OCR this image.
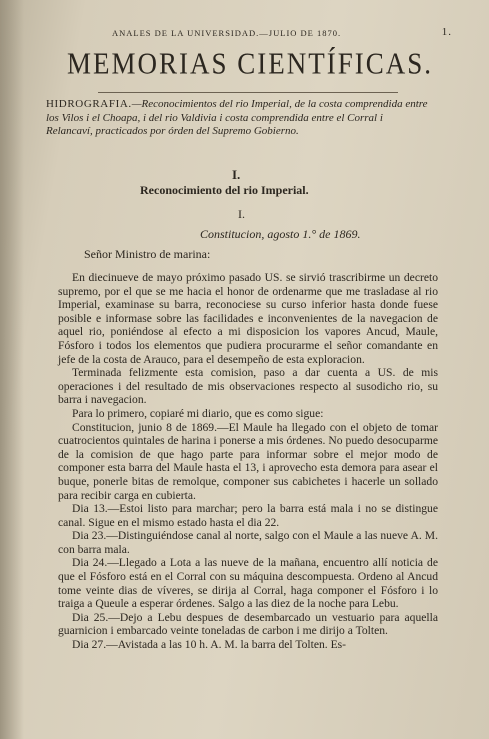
ANALES DE LA UNIVERSIDAD.—JULIO DE 1870.	1.
MEMORIAS CIENTÍFICAS.
HIDROGRAFIA.—Reconocimientos del rio Imperial, de la costa comprendida entre los Vilos i el Choapa, i del rio Valdivia i costa comprendida entre el Corral i Relancaví, practicados por órden del Supremo Gobierno.
I.
Reconocimiento del rio Imperial.
I.
Constitucion, agosto 1.° de 1869.
Señor Ministro de marina:

En diecinueve de mayo próximo pasado US. se sirvió trascribirme un decreto supremo, por el que se me hacia el honor de ordenarme que me trasladase al rio Imperial, examinase su barra, reconociese su curso inferior hasta donde fuese posible e informase sobre las facilidades e inconvenientes de la navegacion de aquel rio, poniéndose al efecto a mi disposicion los vapores Ancud, Maule, Fósforo i todos los elementos que pudiera procurarme el señor comandante en jefe de la costa de Arauco, para el desempeño de esta exploracion.

Terminada felizmente esta comision, paso a dar cuenta a US. de mis operaciones i del resultado de mis observaciones respecto al susodicho rio, su barra i navegacion.

Para lo primero, copiaré mi diario, que es como sigue:

Constitucion, junio 8 de 1869.—El Maule ha llegado con el objeto de tomar cuatrocientos quintales de harina i ponerse a mis órdenes. No puedo desocuparme de la comision de que hago parte para informar sobre el mejor modo de componer esta barra del Maule hasta el 13, i aprovecho esta demora para asear el buque, ponerle bitas de remolque, componer sus cabichetes i hacerle un sollado para recibir carga en cubierta.

Dia 13.—Estoi listo para marchar; pero la barra está mala i no se distingue canal. Sigue en el mismo estado hasta el dia 22.

Dia 23.—Distinguiéndose canal al norte, salgo con el Maule a las nueve A. M. con barra mala.

Dia 24.—Llegado a Lota a las nueve de la mañana, encuentro allí noticia de que el Fósforo está en el Corral con su máquina descompuesta. Ordeno al Ancud tome veinte dias de víveres, se dirija al Corral, haga componer el Fósforo i lo traiga a Queule a esperar órdenes. Salgo a las diez de la noche para Lebu.

Dia 25.—Dejo a Lebu despues de desembarcado un vestuario para aquella guarnicion i embarcado veinte toneladas de carbon i me dirijo a Tolten.

Dia 27.—Avistada a las 10 h. A. M. la barra del Tolten. Es-
